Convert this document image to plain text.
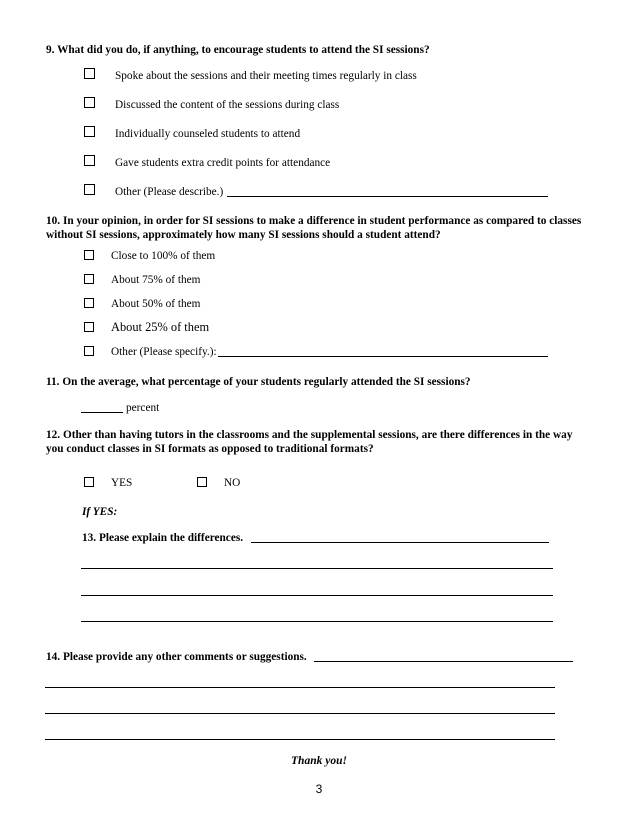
9. What did you do, if anything, to encourage students to attend the SI sessions?
Spoke about the sessions and their meeting times regularly in class
Discussed the content of the sessions during class
Individually counseled students to attend
Gave students extra credit points for attendance
Other (Please describe.)
10. In your opinion, in order for SI sessions to make a difference in student performance as compared to classes
without SI sessions, approximately how many SI sessions should a student attend?
Close to 100% of them
About 75% of them
About 50% of them
About 25% of them
Other (Please specify.):
11. On the average, what percentage of your students regularly attended the SI sessions?
percent
12. Other than having tutors in the classrooms and the supplemental sessions, are there differences in the way
you conduct classes in SI formats as opposed to traditional formats?
YES	NO
If YES:
13. Please explain the differences.
14. Please provide any other comments or suggestions.
Thank you!
3
